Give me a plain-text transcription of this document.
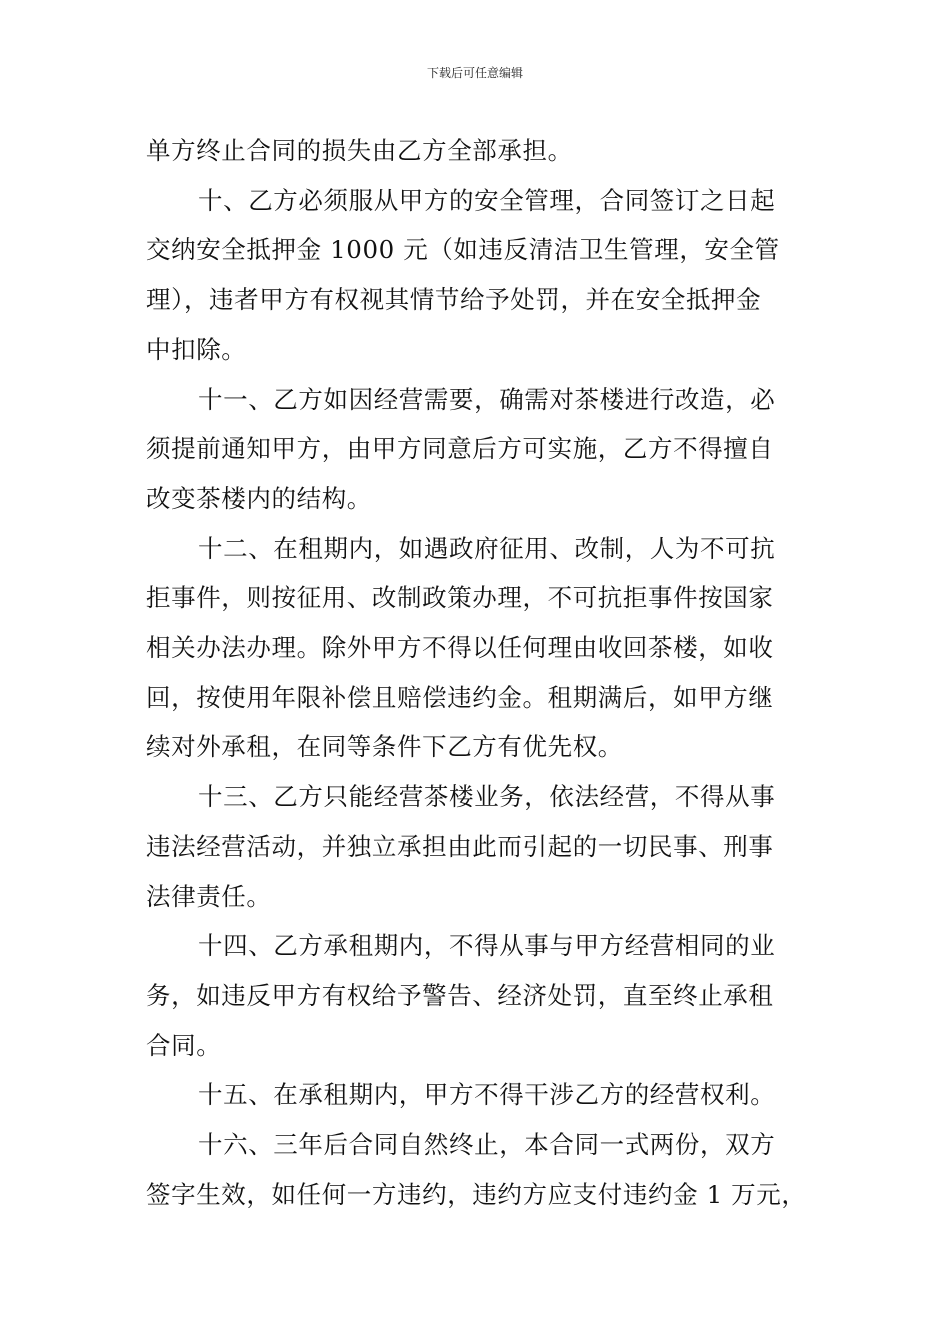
下载后可任意编辑
单方终止合同的损失由乙方全部承担。
十、乙方必须服从甲方的安全管理，合同签订之日起
交纳安全抵押金 1000 元（如违反清洁卫生管理，安全管
理），违者甲方有权视其情节给予处罚，并在安全抵押金
中扣除。
十一、乙方如因经营需要，确需对茶楼进行改造，必
须提前通知甲方，由甲方同意后方可实施，乙方不得擅自
改变茶楼内的结构。
十二、在租期内，如遇政府征用、改制，人为不可抗
拒事件，则按征用、改制政策办理，不可抗拒事件按国家
相关办法办理。除外甲方不得以任何理由收回茶楼，如收
回，按使用年限补偿且赔偿违约金。租期满后，如甲方继
续对外承租，在同等条件下乙方有优先权。
十三、乙方只能经营茶楼业务，依法经营，不得从事
违法经营活动，并独立承担由此而引起的一切民事、刑事
法律责任。
十四、乙方承租期内，不得从事与甲方经营相同的业
务，如违反甲方有权给予警告、经济处罚，直至终止承租
合同。
十五、在承租期内，甲方不得干涉乙方的经营权利。
十六、三年后合同自然终止，本合同一式两份，双方
签字生效，如任何一方违约，违约方应支付违约金 1 万元，
